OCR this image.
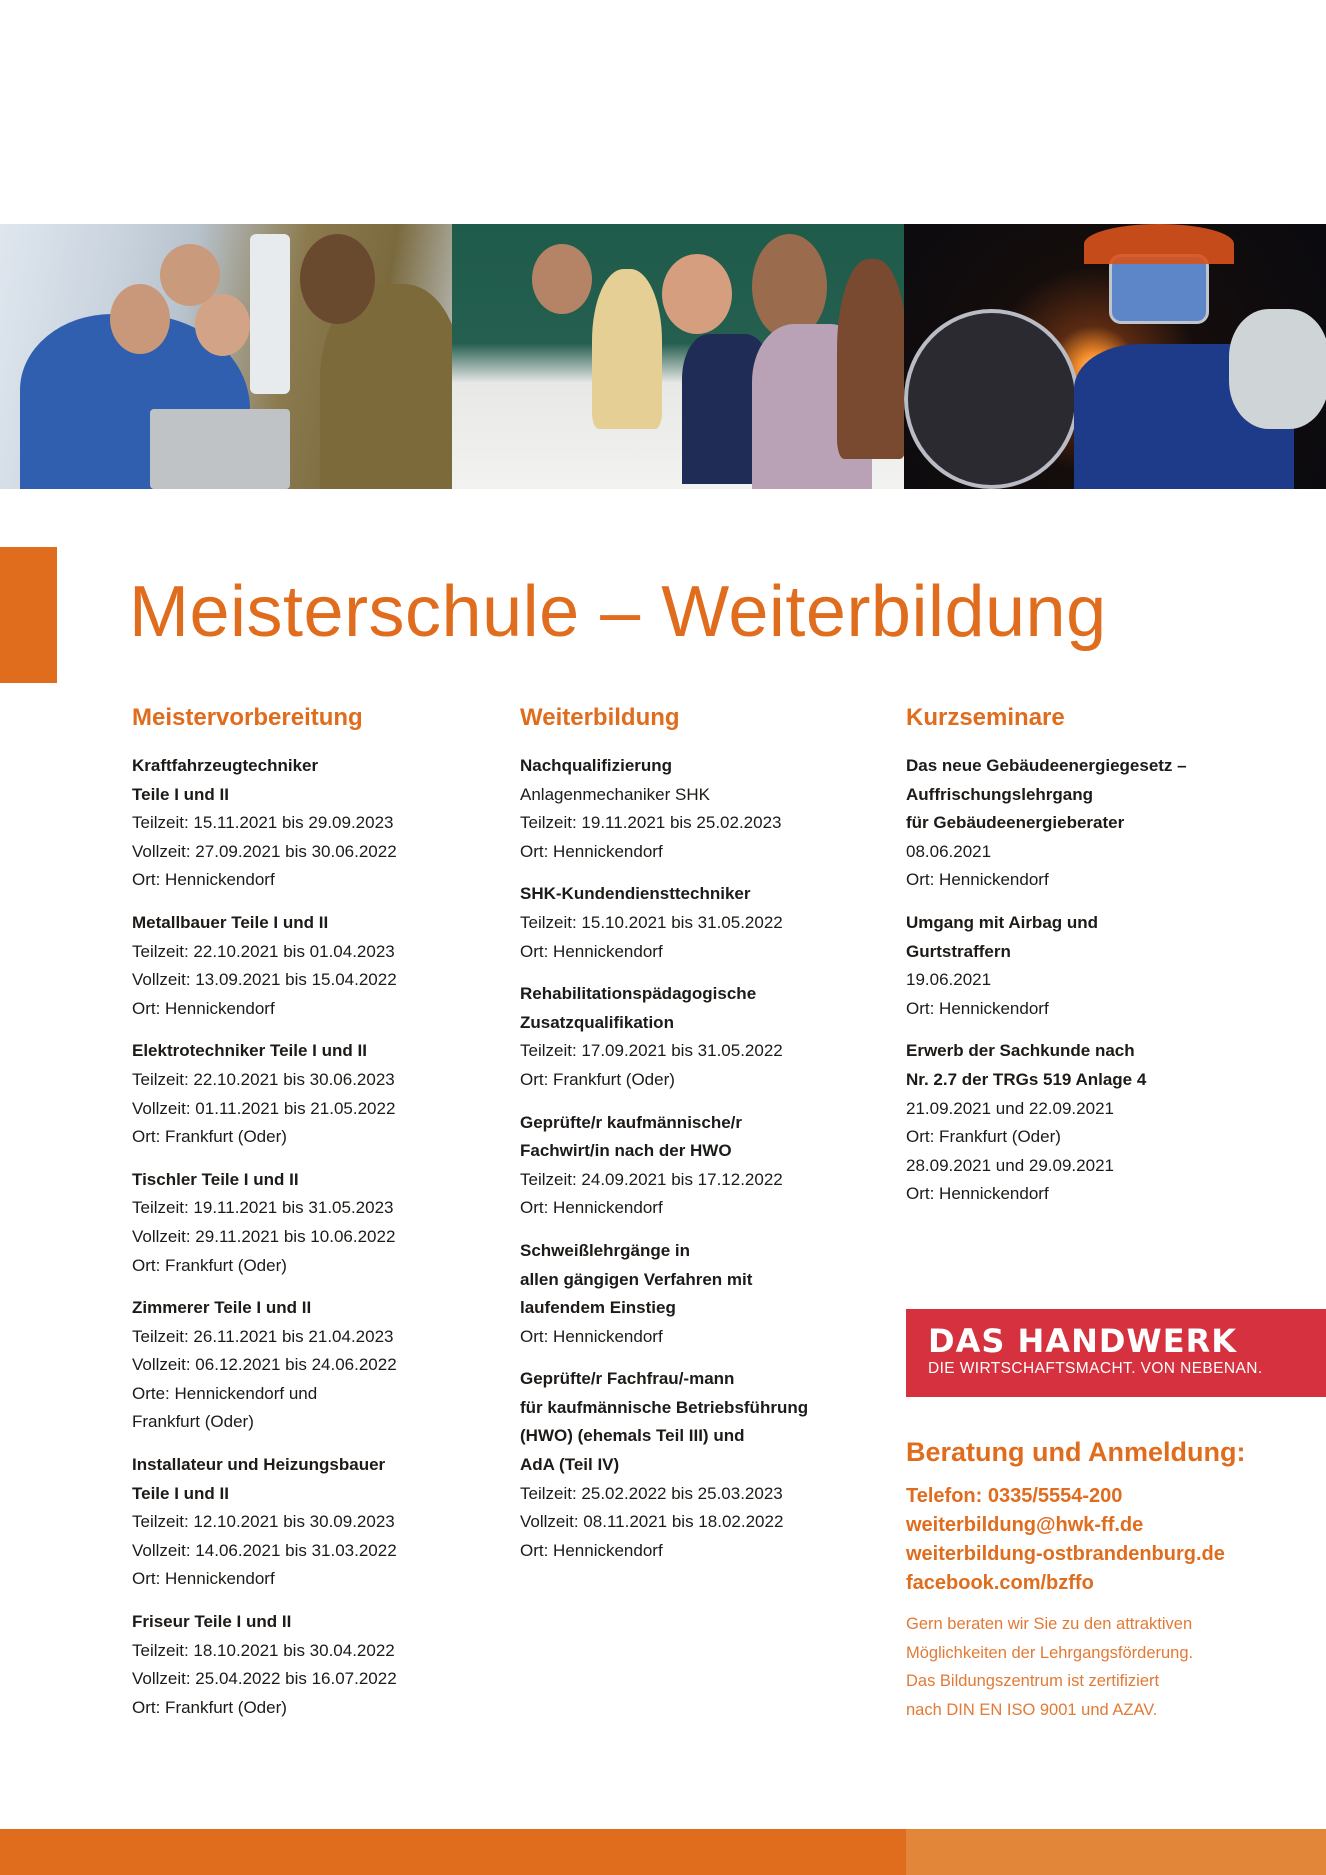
Meisterschule – Weiterbildung
Meistervorbereitung
Kraftfahrzeugtechniker
Teile I und II
Teilzeit: 15.11.2021 bis 29.09.2023
Vollzeit: 27.09.2021 bis 30.06.2022
Ort: Hennickendorf
Metallbauer Teile I und II
Teilzeit: 22.10.2021 bis 01.04.2023
Vollzeit: 13.09.2021 bis 15.04.2022
Ort: Hennickendorf
Elektrotechniker Teile I und II
Teilzeit: 22.10.2021 bis 30.06.2023
Vollzeit: 01.11.2021 bis 21.05.2022
Ort: Frankfurt (Oder)
Tischler Teile I und II
Teilzeit: 19.11.2021 bis 31.05.2023
Vollzeit: 29.11.2021 bis 10.06.2022
Ort: Frankfurt (Oder)
Zimmerer Teile I und II
Teilzeit: 26.11.2021 bis 21.04.2023
Vollzeit: 06.12.2021 bis 24.06.2022
Orte: Hennickendorf und
Frankfurt (Oder)
Installateur und Heizungsbauer
Teile I und II
Teilzeit: 12.10.2021 bis 30.09.2023
Vollzeit: 14.06.2021 bis 31.03.2022
Ort: Hennickendorf
Friseur Teile I und II
Teilzeit: 18.10.2021 bis 30.04.2022
Vollzeit: 25.04.2022 bis 16.07.2022
Ort: Frankfurt (Oder)
Weiterbildung
Nachqualifizierung
Anlagenmechaniker SHK
Teilzeit: 19.11.2021 bis 25.02.2023
Ort: Hennickendorf
SHK-Kundendiensttechniker
Teilzeit: 15.10.2021 bis 31.05.2022
Ort: Hennickendorf
Rehabilitationspädagogische
Zusatzqualifikation
Teilzeit: 17.09.2021 bis 31.05.2022
Ort: Frankfurt (Oder)
Geprüfte/r kaufmännische/r
Fachwirt/in nach der HWO
Teilzeit: 24.09.2021 bis 17.12.2022
Ort: Hennickendorf
Schweißlehrgänge in
allen gängigen Verfahren mit
laufendem Einstieg
Ort: Hennickendorf
Geprüfte/r Fachfrau/-mann
für kaufmännische Betriebsführung
(HWO) (ehemals Teil III) und
AdA (Teil IV)
Teilzeit: 25.02.2022 bis 25.03.2023
Vollzeit: 08.11.2021 bis 18.02.2022
Ort: Hennickendorf
Kurzseminare
Das neue Gebäudeenergiegesetz –
Auffrischungslehrgang
für Gebäudeenergieberater
08.06.2021
Ort: Hennickendorf
Umgang mit Airbag und
Gurtstraffern
19.06.2021
Ort: Hennickendorf
Erwerb der Sachkunde nach
Nr. 2.7 der TRGs 519 Anlage 4
21.09.2021 und 22.09.2021
Ort: Frankfurt (Oder)
28.09.2021 und 29.09.2021
Ort: Hennickendorf
DAS HANDWERK
DIE WIRTSCHAFTSMACHT. VON NEBENAN.
Beratung und Anmeldung:
Telefon: 0335/5554-200
weiterbildung@hwk-ff.de
weiterbildung-ostbrandenburg.de
facebook.com/bzffo
Gern beraten wir Sie zu den attraktiven
Möglichkeiten der Lehrgangsförderung.
Das Bildungszentrum ist zertifiziert
nach DIN EN ISO 9001 und AZAV.
